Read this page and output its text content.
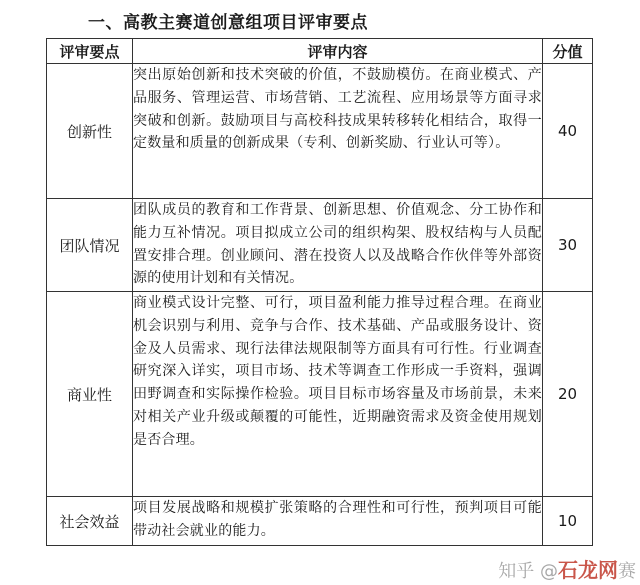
一、高教主赛道创意组项目评审要点
评审要点	评审内容	分值
创新性	突出原始创新和技术突破的价值，不鼓励模仿。在商业模式、产品服务、管理运营、市场营销、工艺流程、应用场景等方面寻求突破和创新。鼓励项目与高校科技成果转移转化相结合，取得一定数量和质量的创新成果（专利、创新奖励、行业认可等）。	40
团队情况	团队成员的教育和工作背景、创新思想、价值观念、分工协作和能力互补情况。项目拟成立公司的组织构架、股权结构与人员配置安排合理。创业顾问、潜在投资人以及战略合作伙伴等外部资源的使用计划和有关情况。	30
商业性	商业模式设计完整、可行，项目盈利能力推导过程合理。在商业机会识别与利用、竞争与合作、技术基础、产品或服务设计、资金及人员需求、现行法律法规限制等方面具有可行性。行业调查研究深入详实，项目市场、技术等调查工作形成一手资料，强调田野调查和实际操作检验。项目目标市场容量及市场前景，未来对相关产业升级或颠覆的可能性，近期融资需求及资金使用规划是否合理。	20
社会效益	项目发展战略和规模扩张策略的合理性和可行性，预判项目可能带动社会就业的能力。	10
知乎 @石龙网赛
